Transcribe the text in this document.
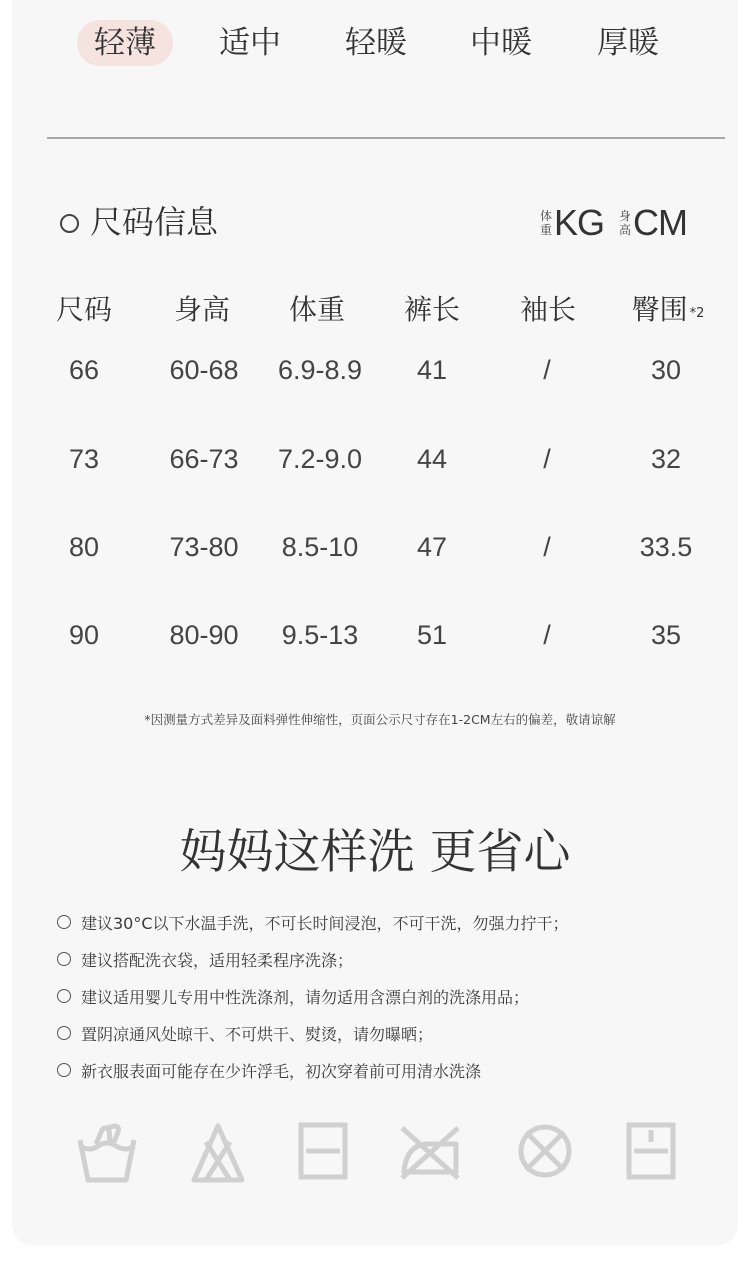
轻薄	适中	轻暖	中暖	厚暖
尺码信息	体
重 KG 身
高 CM
尺码	身高	体重	裤长	袖长	臀围 $^{*2}$
66	60-68	6.9-8.9	41	/	30
73	66-73	7.2-9.0	44	/	32
80	73-80	8.5-10	47	/	33.5
90	80-90	9.5-13	51	/	35
*因测量方式差异及面料弹性伸缩性，页面公示尺寸存在1-2CM左右的偏差，敬请谅解
妈妈这样洗 更省心
建议30°C以下水温手洗，不可长时间浸泡，不可干洗，勿强力拧干；
建议搭配洗衣袋，适用轻柔程序洗涤；
建议适用婴儿专用中性洗涤剂，请勿适用含漂白剂的洗涤用品；
置阴凉通风处晾干、不可烘干、熨烫，请勿曝晒；
新衣服表面可能存在少许浮毛，初次穿着前可用清水洗涤
